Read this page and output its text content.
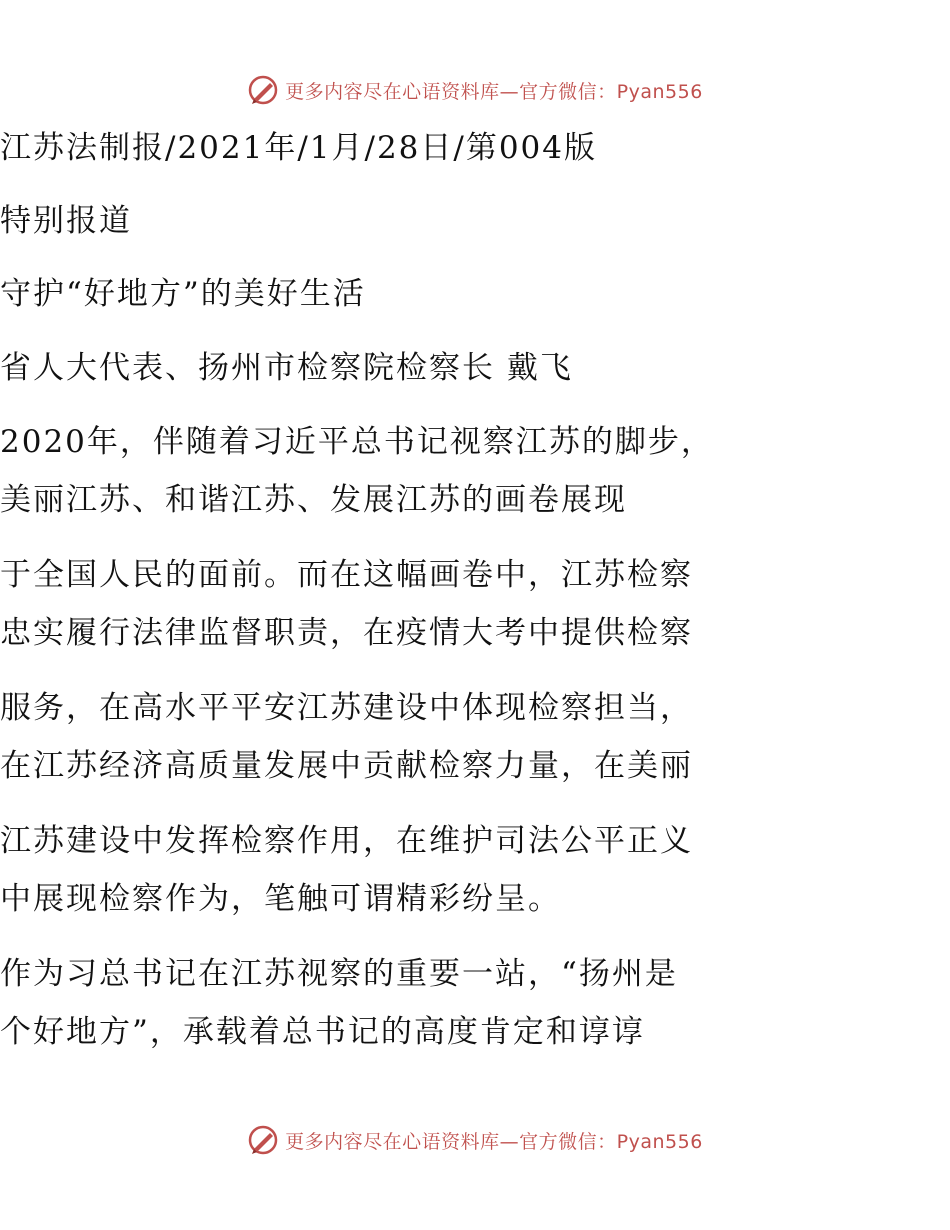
更多内容尽在心语资料库—官方微信：Pyan556
江苏法制报/2021年/1月/28日/第004版
特别报道
守护“好地方”的美好生活
省人大代表、扬州市检察院检察长 戴飞
2020年，伴随着习近平总书记视察江苏的脚步，
美丽江苏、和谐江苏、发展江苏的画卷展现
于全国人民的面前。而在这幅画卷中，江苏检察
忠实履行法律监督职责，在疫情大考中提供检察
服务，在高水平平安江苏建设中体现检察担当，
在江苏经济高质量发展中贡献检察力量，在美丽
江苏建设中发挥检察作用，在维护司法公平正义
中展现检察作为，笔触可谓精彩纷呈。
作为习总书记在江苏视察的重要一站，“扬州是
个好地方”，承载着总书记的高度肯定和谆谆
更多内容尽在心语资料库—官方微信：Pyan556
